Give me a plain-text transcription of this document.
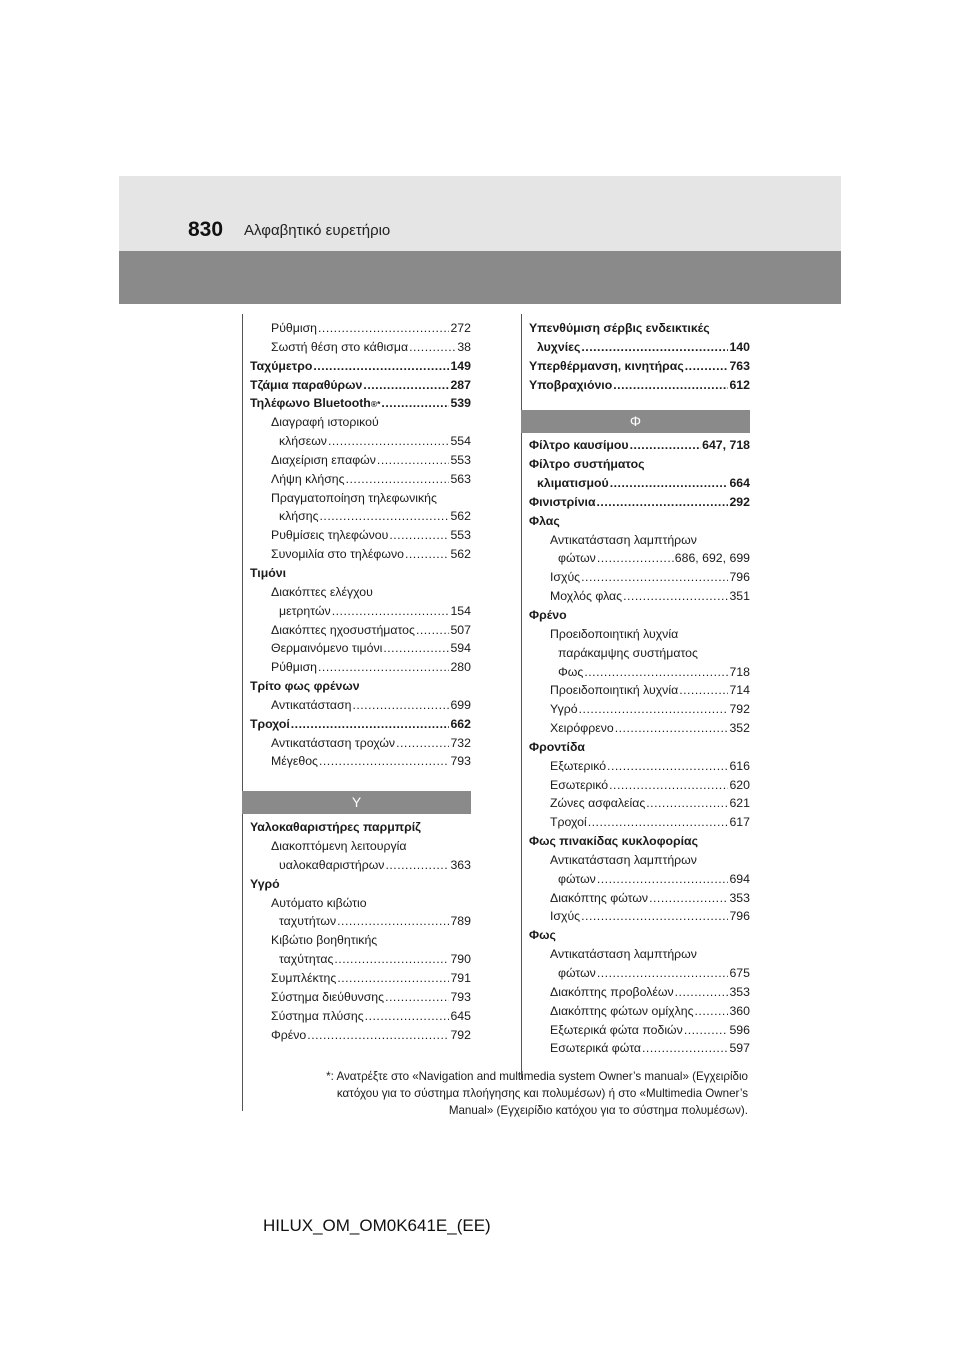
830 Αλφαβητικό ευρετήριο
Ρύθμιση .....	272
Σωστή θέση στο κάθισμα .....	38
Ταχύμετρο .....	149
Τζάμια παραθύρων .....	287
Τηλέφωνο Bluetooth ®* .....	539
Διαγραφή ιστορικού
κλήσεων .....	554
Διαχείριση επαφών .....	553
Λήψη κλήσης .....	563
Πραγματοποίηση τηλεφωνικής
κλήσης .....	562
Ρυθμίσεις τηλεφώνου .....	553
Συνομιλία στο τηλέφωνο .....	562
Τιμόνι
Διακόπτες ελέγχου
μετρητών .....	154
Διακόπτες ηχοσυστήματος .....	507
Θερμαινόμενο τιμόνι .....	594
Ρύθμιση .....	280
Τρίτο φως φρένων
Αντικατάσταση .....	699
Τροχοί .....	662
Αντικατάσταση τροχών .....	732
Μέγεθος .....	793
Υ
Υαλοκαθαριστήρες παρμπρίζ
Διακοπτόμενη λειτουργία
υαλοκαθαριστήρων .....	363
Υγρό
Αυτόματο κιβώτιο
ταχυτήτων .....	789
Κιβώτιο βοηθητικής
ταχύτητας .....	790
Συμπλέκτης .....	791
Σύστημα διεύθυνσης .....	793
Σύστημα πλύσης .....	645
Φρένο .....	792
Υπενθύμιση σέρβις ενδεικτικές
λυχνίες .....	140
Υπερθέρμανση, κινητήρας .....	763
Υποβραχιόνιο .....	612
Φ
Φίλτρο καυσίμου .....	647, 718
Φίλτρο συστήματος
κλιματισμού .....	664
Φινιστρίνια .....	292
Φλας
Αντικατάσταση λαμπτήρων
φώτων .....	686, 692, 699
Ισχύς .....	796
Μοχλός φλας .....	351
Φρένο
Προειδοποιητική λυχνία
παράκαμψης συστήματος
Φως .....	718
Προειδοποιητική λυχνία .....	714
Υγρό .....	792
Χειρόφρενο .....	352
Φροντίδα
Εξωτερικό .....	616
Εσωτερικό .....	620
Ζώνες ασφαλείας .....	621
Τροχοί .....	617
Φως πινακίδας κυκλοφορίας
Αντικατάσταση λαμπτήρων
φώτων .....	694
Διακόπτης φώτων .....	353
Ισχύς .....	796
Φως
Αντικατάσταση λαμπτήρων
φώτων .....	675
Διακόπτης προβολέων .....	353
Διακόπτης φώτων ομίχλης .....	360
Εξωτερικά φώτα ποδιών .....	596
Εσωτερικά φώτα .....	597
*: Ανατρέξτε στο «Navigation and multimedia system Owner’s manual» (Εγχειρίδιο
κατόχου για το σύστημα πλοήγησης και πολυμέσων) ή στο «Multimedia Owner’s
Manual» (Εγχειρίδιο κατόχου για το σύστημα πολυμέσων).
HILUX_OM_OM0K641E_(EE)
